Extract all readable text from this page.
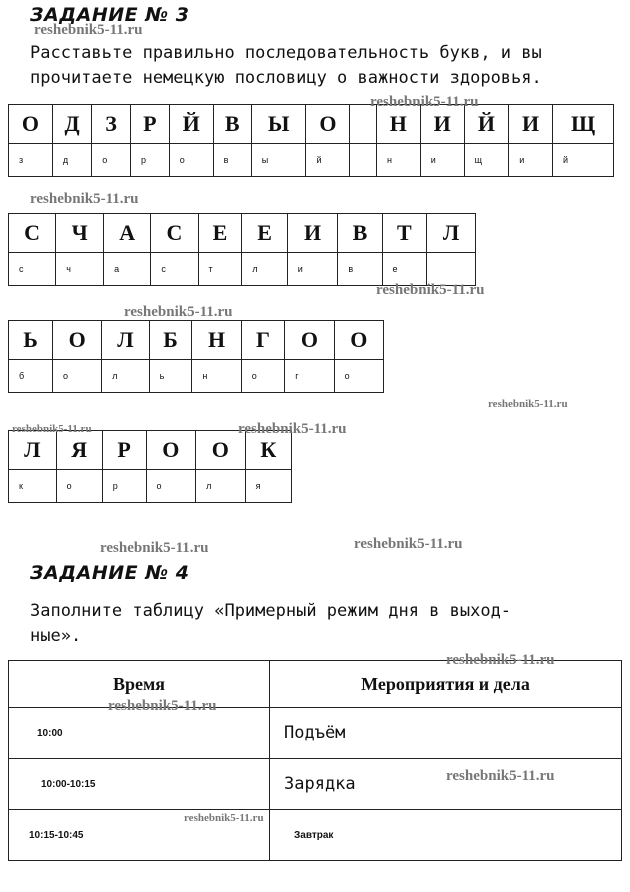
ЗАДАНИЕ № 3
Расставьте правильно последовательность букв, и вы
прочитаете немецкую пословицу о важности здоровья.
О	Д	З	Р	Й	В	Ы	О		Н	И	Й	И	Щ
з	д	о	р	о	в	ы	й		н	и	щ	и	й
С	Ч	А	С	Е	Е	И	В	Т	Л
с	ч	а	с	т	л	и	в	е	
Ь	О	Л	Б	Н	Г	О	О
б	о	л	ь	н	о	г	о
Л	Я	Р	О	О	К
к	о	р	о	л	я
ЗАДАНИЕ № 4
Заполните таблицу «Примерный режим дня в выход-
ные».
Время	Мероприятия и дела
10:00	Подъём
10:00-10:15	Зарядка
10:15-10:45	Завтрак
reshebnik5-11.ru
reshebnik5-11.ru
reshebnik5-11.ru
reshebnik5-11.ru
reshebnik5-11.ru
reshebnik5-11.ru
reshebnik5-11.ru	reshebnik5-11.ru
reshebnik5-11.ru	reshebnik5-11.ru
reshebnik5-11.ru
reshebnik5-11.ru
reshebnik5-11.ru
reshebnik5-11.ru
